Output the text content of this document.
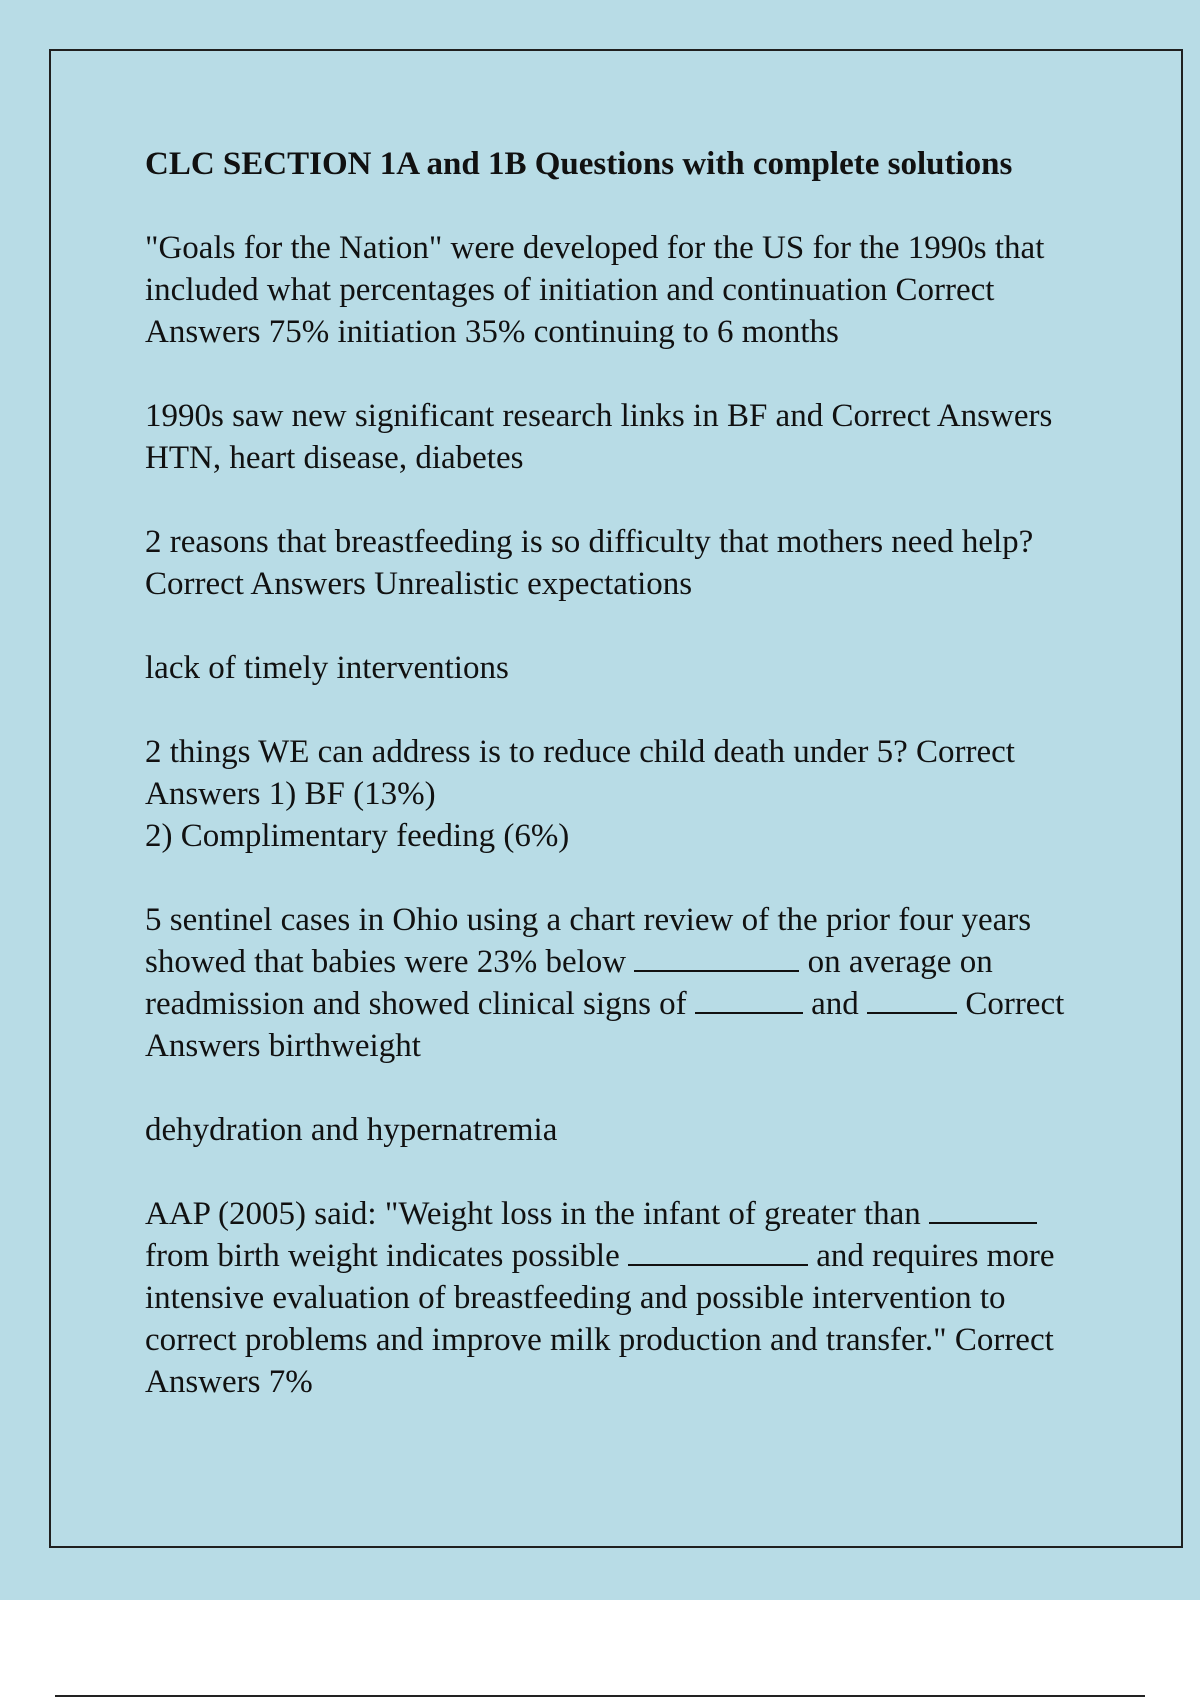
CLC SECTION 1A and 1B Questions with complete solutions

"Goals for the Nation" were developed for the US for the 1990s that included what percentages of initiation and continuation Correct Answers 75% initiation 35% continuing to 6 months

1990s saw new significant research links in BF and Correct Answers HTN, heart disease, diabetes

2 reasons that breastfeeding is so difficulty that mothers need help? Correct Answers Unrealistic expectations

lack of timely interventions

2 things WE can address is to reduce child death under 5? Correct Answers 1) BF (13%)
2) Complimentary feeding (6%)

5 sentinel cases in Ohio using a chart review of the prior four years showed that babies were 23% below	on average on readmission and showed clinical signs of	and	Correct Answers birthweight

dehydration and hypernatremia

AAP (2005) said: "Weight loss in the infant of greater than  from birth weight indicates possible	and requires more intensive evaluation of breastfeeding and possible intervention to correct problems and improve milk production and transfer." Correct Answers 7%
